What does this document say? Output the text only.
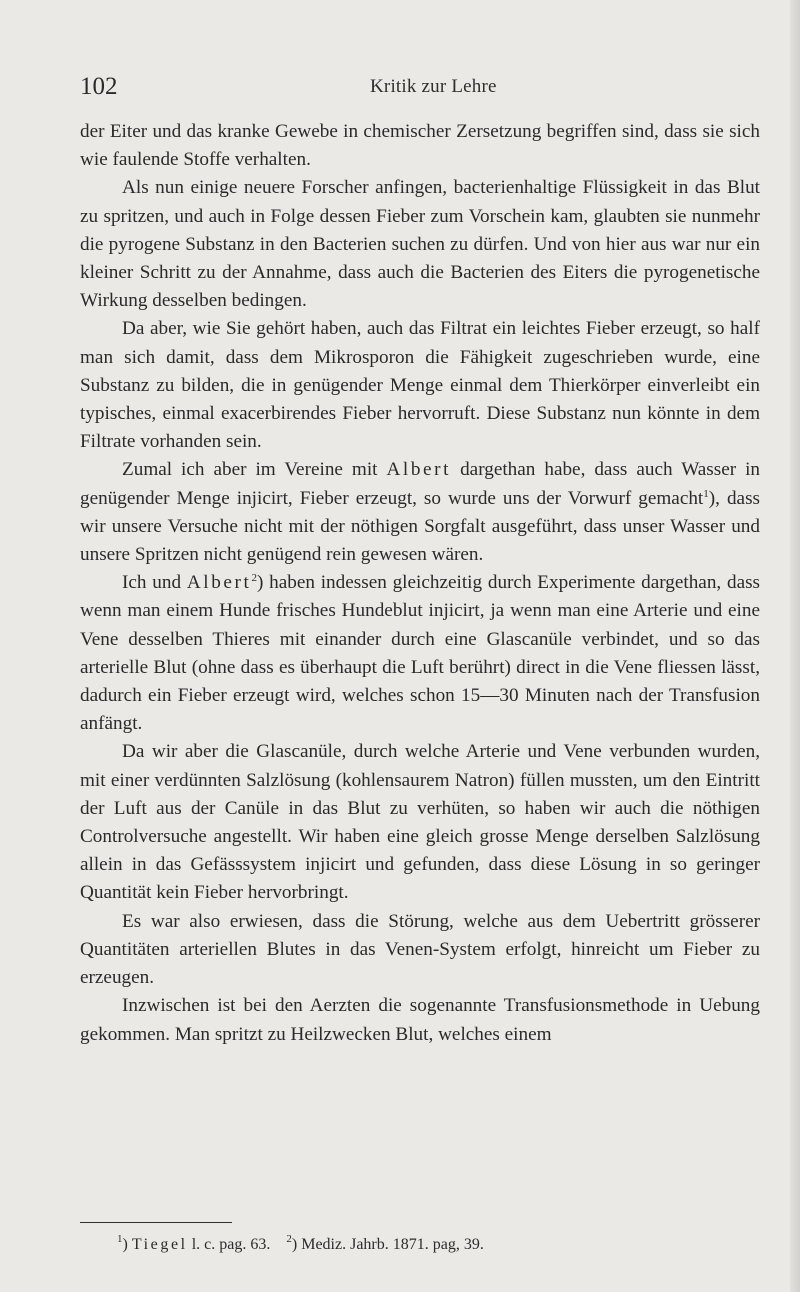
102	Kritik zur Lehre

der Eiter und das kranke Gewebe in chemischer Zersetzung begriffen sind, dass sie sich wie faulende Stoffe verhalten.

Als nun einige neuere Forscher anfingen, bacterienhaltige Flüssigkeit in das Blut zu spritzen, und auch in Folge dessen Fieber zum Vorschein kam, glaubten sie nunmehr die pyrogene Substanz in den Bacterien suchen zu dürfen. Und von hier aus war nur ein kleiner Schritt zu der Annahme, dass auch die Bacterien des Eiters die pyrogenetische Wirkung desselben bedingen.

Da aber, wie Sie gehört haben, auch das Filtrat ein leichtes Fieber erzeugt, so half man sich damit, dass dem Mikrosporon die Fähigkeit zugeschrieben wurde, eine Substanz zu bilden, die in genügender Menge einmal dem Thierkörper einverleibt ein typisches, einmal exacerbirendes Fieber hervorruft. Diese Substanz nun könnte in dem Filtrate vorhanden sein.

Zumal ich aber im Vereine mit Albert dargethan habe, dass auch Wasser in genügender Menge injicirt, Fieber erzeugt, so wurde uns der Vorwurf gemacht$^1$), dass wir unsere Versuche nicht mit der nöthigen Sorgfalt ausgeführt, dass unser Wasser und unsere Spritzen nicht genügend rein gewesen wären.

Ich und Albert$^2$) haben indessen gleichzeitig durch Experimente dargethan, dass wenn man einem Hunde frisches Hundeblut injicirt, ja wenn man eine Arterie und eine Vene desselben Thieres mit einander durch eine Glascanüle verbindet, und so das arterielle Blut (ohne dass es überhaupt die Luft berührt) direct in die Vene fliessen lässt, dadurch ein Fieber erzeugt wird, welches schon 15—30 Minuten nach der Transfusion anfängt.

Da wir aber die Glascanüle, durch welche Arterie und Vene verbunden wurden, mit einer verdünnten Salzlösung (kohlensaurem Natron) füllen mussten, um den Eintritt der Luft aus der Canüle in das Blut zu verhüten, so haben wir auch die nöthigen Controlversuche angestellt. Wir haben eine gleich grosse Menge derselben Salzlösung allein in das Gefässsystem injicirt und gefunden, dass diese Lösung in so geringer Quantität kein Fieber hervorbringt.

Es war also erwiesen, dass die Störung, welche aus dem Uebertritt grösserer Quantitäten arteriellen Blutes in das Venen-System erfolgt, hinreicht um Fieber zu erzeugen.

Inzwischen ist bei den Aerzten die sogenannte Transfusionsmethode in Uebung gekommen. Man spritzt zu Heilzwecken Blut, welches einem

$^1$) Tiegel l. c. pag. 63. $^2$) Mediz. Jahrb. 1871. pag, 39.
